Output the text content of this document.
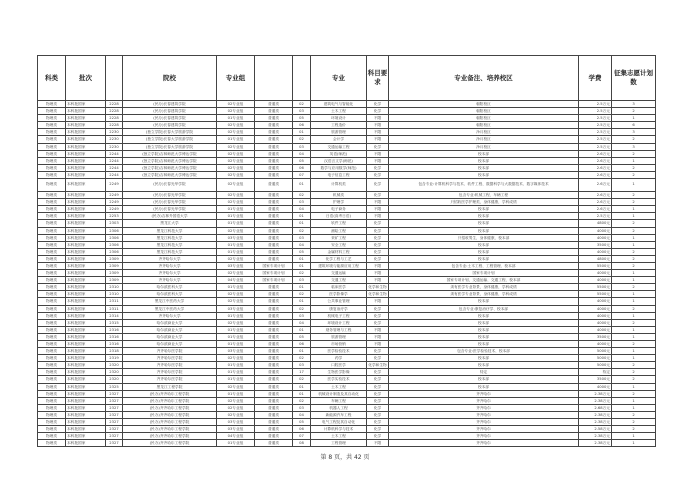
科类	批次		院校	专业组			专业	科目要求	专业备注、培养校区	学费	征集志愿计划数
物理类	本科批国家	2228	(民办)长春建筑学院	02专业组	普通类	02	建筑电气与智能化	化学	朝阳校区	2.5万元	3
物理类	本科批国家	2228	(民办)长春建筑学院	02专业组	普通类	03	土木工程	化学	朝阳校区	2.5万元	2
物理类	本科批国家	2228	(民办)长春建筑学院	01专业组	普通类	05	环境设计	不限	朝阳校区	2.5万元	1
物理类	本科批国家	2228	(民办)长春建筑学院	02专业组	普通类	06	工程造价	不限	朝阳校区	2.5万元	6
物理类	本科批国家	2230	(独立学院)长春大学旅游学院	02专业组	普通类	01	旅游管理	不限	净月校区	2.5万元	3
物理类	本科批国家	2230	(独立学院)长春大学旅游学院	01专业组	普通类	02	会计学	不限	净月校区	2.5万元	2
物理类	本科批国家	2230	(独立学院)长春大学旅游学院	02专业组	普通类	03	交通运输工程	化学	净月校区	2.5万元	3
物理类	本科批国家	2244	(独立学院)吉林师范大学博达学院	02专业组	普通类	04	英语(师范)	不限	校本部	2.6万元	2
物理类	本科批国家	2244	(独立学院)吉林师范大学博达学院	02专业组	普通类	05	汉语言文学(师范)	不限	校本部	2.6万元	1
物理类	本科批国家	2244	(独立学院)吉林师范大学博达学院	02专业组	普通类	06	数学与应用数学(师范)	化学	校本部	2.6万元	2
物理类	本科批国家	2244	(独立学院)吉林师范大学博达学院	02专业组	普通类	07	电子信息工程	化学	校本部	2.6万元	2
物理类	本科批国家	2249	(民办)长春光华学院	02专业组	普通类	01	计算机类	化学	包含专业:计算机科学与技术、软件工程、数据科学与大数据技术、数字媒体技术	2.6万元	1
物理类	本科批国家	2249	(民办)长春光华学院	02专业组	普通类	02	机械类	化学	包含专业:机械工程、车辆工程	2.6万元	2
物理类	本科批国家	2249	(民办)长春光华学院	02专业组	普通类	03	护理学	不限	只招收医学护理类，身体健康，学科成绩	2.6万元	2
物理类	本科批国家	2249	(民办)长春光华学院	01专业组	普通类	04	电子商务	不限	校本部	2.6万元	1
物理类	本科批国家	2253	(民办)吉林外国语大学	01专业组	普通类	01	日语(高考日语)	不限	校本部	2.5万元	1
物理类	本科批国家	2303	黑龙江大学	01专业组	普通类	01	软件工程	化学	校本部	4800元	2
物理类	本科批国家	2306	黑龙江科技大学	02专业组	普通类	02	测绘工程	化学	校本部	4000元	2
物理类	本科批国家	2306	黑龙江科技大学	03专业组	普通类	03	采矿工程	化学	只招收男生，身体健康，校本部	4000元	1
物理类	本科批国家	2306	黑龙江科技大学	01专业组	普通类	04	安全工程	化学	校本部	3500元	1
物理类	本科批国家	2306	黑龙江科技大学	01专业组	普通类	05	金属材料工程	化学	校本部	4000元	2
物理类	本科批国家	2309	齐齐哈尔大学	02专业组	普通类	01	化学工程与工艺	化学	校本部	4800元	2
物理类	本科批国家	2309	齐齐哈尔大学	03专业组	国家专项计划	01	建筑环境与能源应用工程	不限	包含专业:土木工程、工程管理、校本部	5500元	2
物理类	本科批国家	2309	齐齐哈尔大学	02专业组	国家专项计划	02	交通运输	不限	国家专项计划	4000元	1
物理类	本科批国家	2309	齐齐哈尔大学	04专业组	国家专项计划	03	交通工程	不限	国家专项计划，交通运输、交通工程、校本部	4000元	1
物理类	本科批国家	2310	哈尔滨医科大学	01专业组	普通类	01	临床医学	化学和生物	须有医学专业背景，身体健康，学科成绩	5500元	2
物理类	本科批国家	2310	哈尔滨医科大学	02专业组	普通类	02	医学影像学	化学和生物	须有医学专业背景，身体健康，学科成绩	5500元	1
物理类	本科批国家	2311	黑龙江中医药大学	02专业组	普通类	01	公共事业管理	不限	校本部	4000元	1
物理类	本科批国家	2311	黑龙江中医药大学	03专业组	普通类	02	康复治疗学	化学	包含专业:康复治疗学、校本部	4000元	2
物理类	本科批国家	2314	齐齐哈尔大学	01专业组	普通类	03	机械电子工程	化学	校本部	4000元	1
物理类	本科批国家	2315	哈尔滨商业大学	02专业组	普通类	04	环境设计工程	化学	校本部	4000元	2
物理类	本科批国家	2316	哈尔滨商业大学	01专业组	普通类	01	财务管理与工程	不限	校本部	4000元	1
物理类	本科批国家	2316	哈尔滨商业大学	01专业组	普通类	05	旅游管理	不限	校本部	3500元	1
物理类	本科批国家	2316	哈尔滨商业大学	01专业组	普通类	06	市场营销	不限	校本部	4000元	2
物理类	本科批国家	2318	齐齐哈尔医学院	03专业组	普通类	01	医学检验技术	化学	包含专业:医学检验技术、校本部	5000元	1
物理类	本科批国家	2319	齐齐哈尔医学院	02专业组	普通类	02	药学	化学	校本部	5000元	1
物理类	本科批国家	2320	齐齐哈尔医学院	01专业组	普通类	03	口腔医学	化学和生物	校本部	5000元	2
物理类	本科批国家	2320	齐齐哈尔医学院	01专业组	普通类	17	生物医学影像	化学	待定	待定	2
物理类	本科批国家	2320	齐齐哈尔医学院	01专业组	普通类	02	医学实验技术	化学	校本部	3500元	2
物理类	本科批国家	2325	黑龙江工程学院	02专业组	普通类	01	土木工程	化学	校本部	4000元	1
物理类	本科批国家	2327	(民办)齐齐哈尔工程学院	01专业组	普通类	01	机械设计制造及其自动化	化学	齐齐哈尔	2.38万元	2
物理类	本科批国家	2327	(民办)齐齐哈尔工程学院	02专业组	普通类	02	车辆工程	化学	齐齐哈尔	2.38万元	1
物理类	本科批国家	2327	(民办)齐齐哈尔工程学院	02专业组	普通类	03	机器人工程	化学	齐齐哈尔	2.68万元	1
物理类	本科批国家	2327	(民办)齐齐哈尔工程学院	02专业组	普通类	04	新能源汽车工程	化学	齐齐哈尔	2.38万元	2
物理类	本科批国家	2327	(民办)齐齐哈尔工程学院	03专业组	普通类	05	电气工程及其自动化	化学	齐齐哈尔	2.38万元	2
物理类	本科批国家	2327	(民办)齐齐哈尔工程学院	03专业组	普通类	06	计算机科学与技术	化学	齐齐哈尔	2.58万元	2
物理类	本科批国家	2327	(民办)齐齐哈尔工程学院	04专业组	普通类	07	土木工程	化学	齐齐哈尔	2.38万元	1
物理类	本科批国家	2327	(民办)齐齐哈尔工程学院	01专业组	普通类	08	工程管理	不限	齐齐哈尔	2.38万元	1
第 8 页，共 42 页
